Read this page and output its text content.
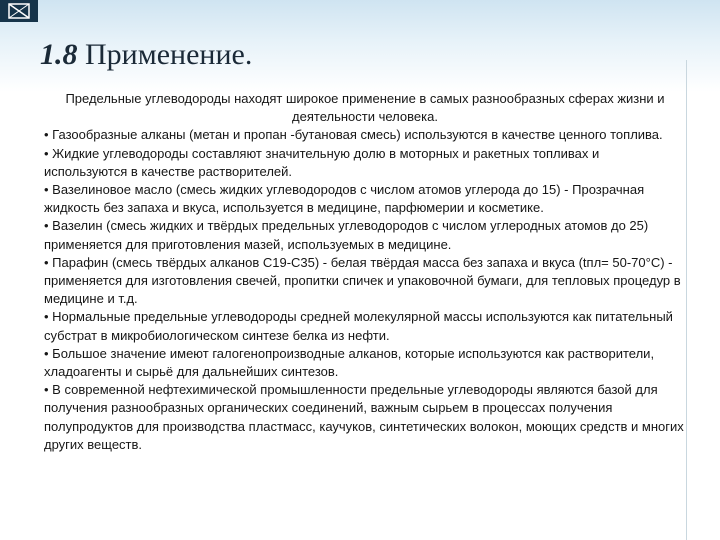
1.8 Применение.

Предельные углеводороды находят широкое применение в самых разнообразных сферах жизни и деятельности человека.

• Газообразные алканы (метан и пропан -бутановая смесь) используются в качестве ценного топлива.

• Жидкие углеводороды составляют значительную долю в моторных и ракетных топливах и используются в качестве растворителей.

• Вазелиновое масло (смесь жидких углеводородов с числом атомов углерода до 15) - Прозрачная жидкость без запаха и вкуса, используется в медицине, парфюмерии и косметике.

• Вазелин (смесь жидких и твёрдых предельных углеводородов с числом углеродных атомов до 25) применяется для приготовления мазей, используемых в медицине.

• Парафин (смесь твёрдых алканов С19-С35) - белая твёрдая масса без запаха и вкуса (tпл= 50-70°C) - применяется для изготовления свечей, пропитки спичек и упаковочной бумаги, для тепловых процедур в медицине и т.д.

• Нормальные предельные углеводороды средней молекулярной массы используются как питательный субстрат в микробиологическом синтезе белка из нефти.

• Большое значение имеют галогенопроизводные алканов, которые используются как растворители, хладоагенты и сырьё для дальнейших синтезов.

• В современной нефтехимической промышленности предельные углеводороды являются базой для получения разнообразных органических соединений, важным сырьем в процессах получения полупродуктов для производства пластмасс, каучуков, синтетических волокон, моющих средств и многих других веществ.
